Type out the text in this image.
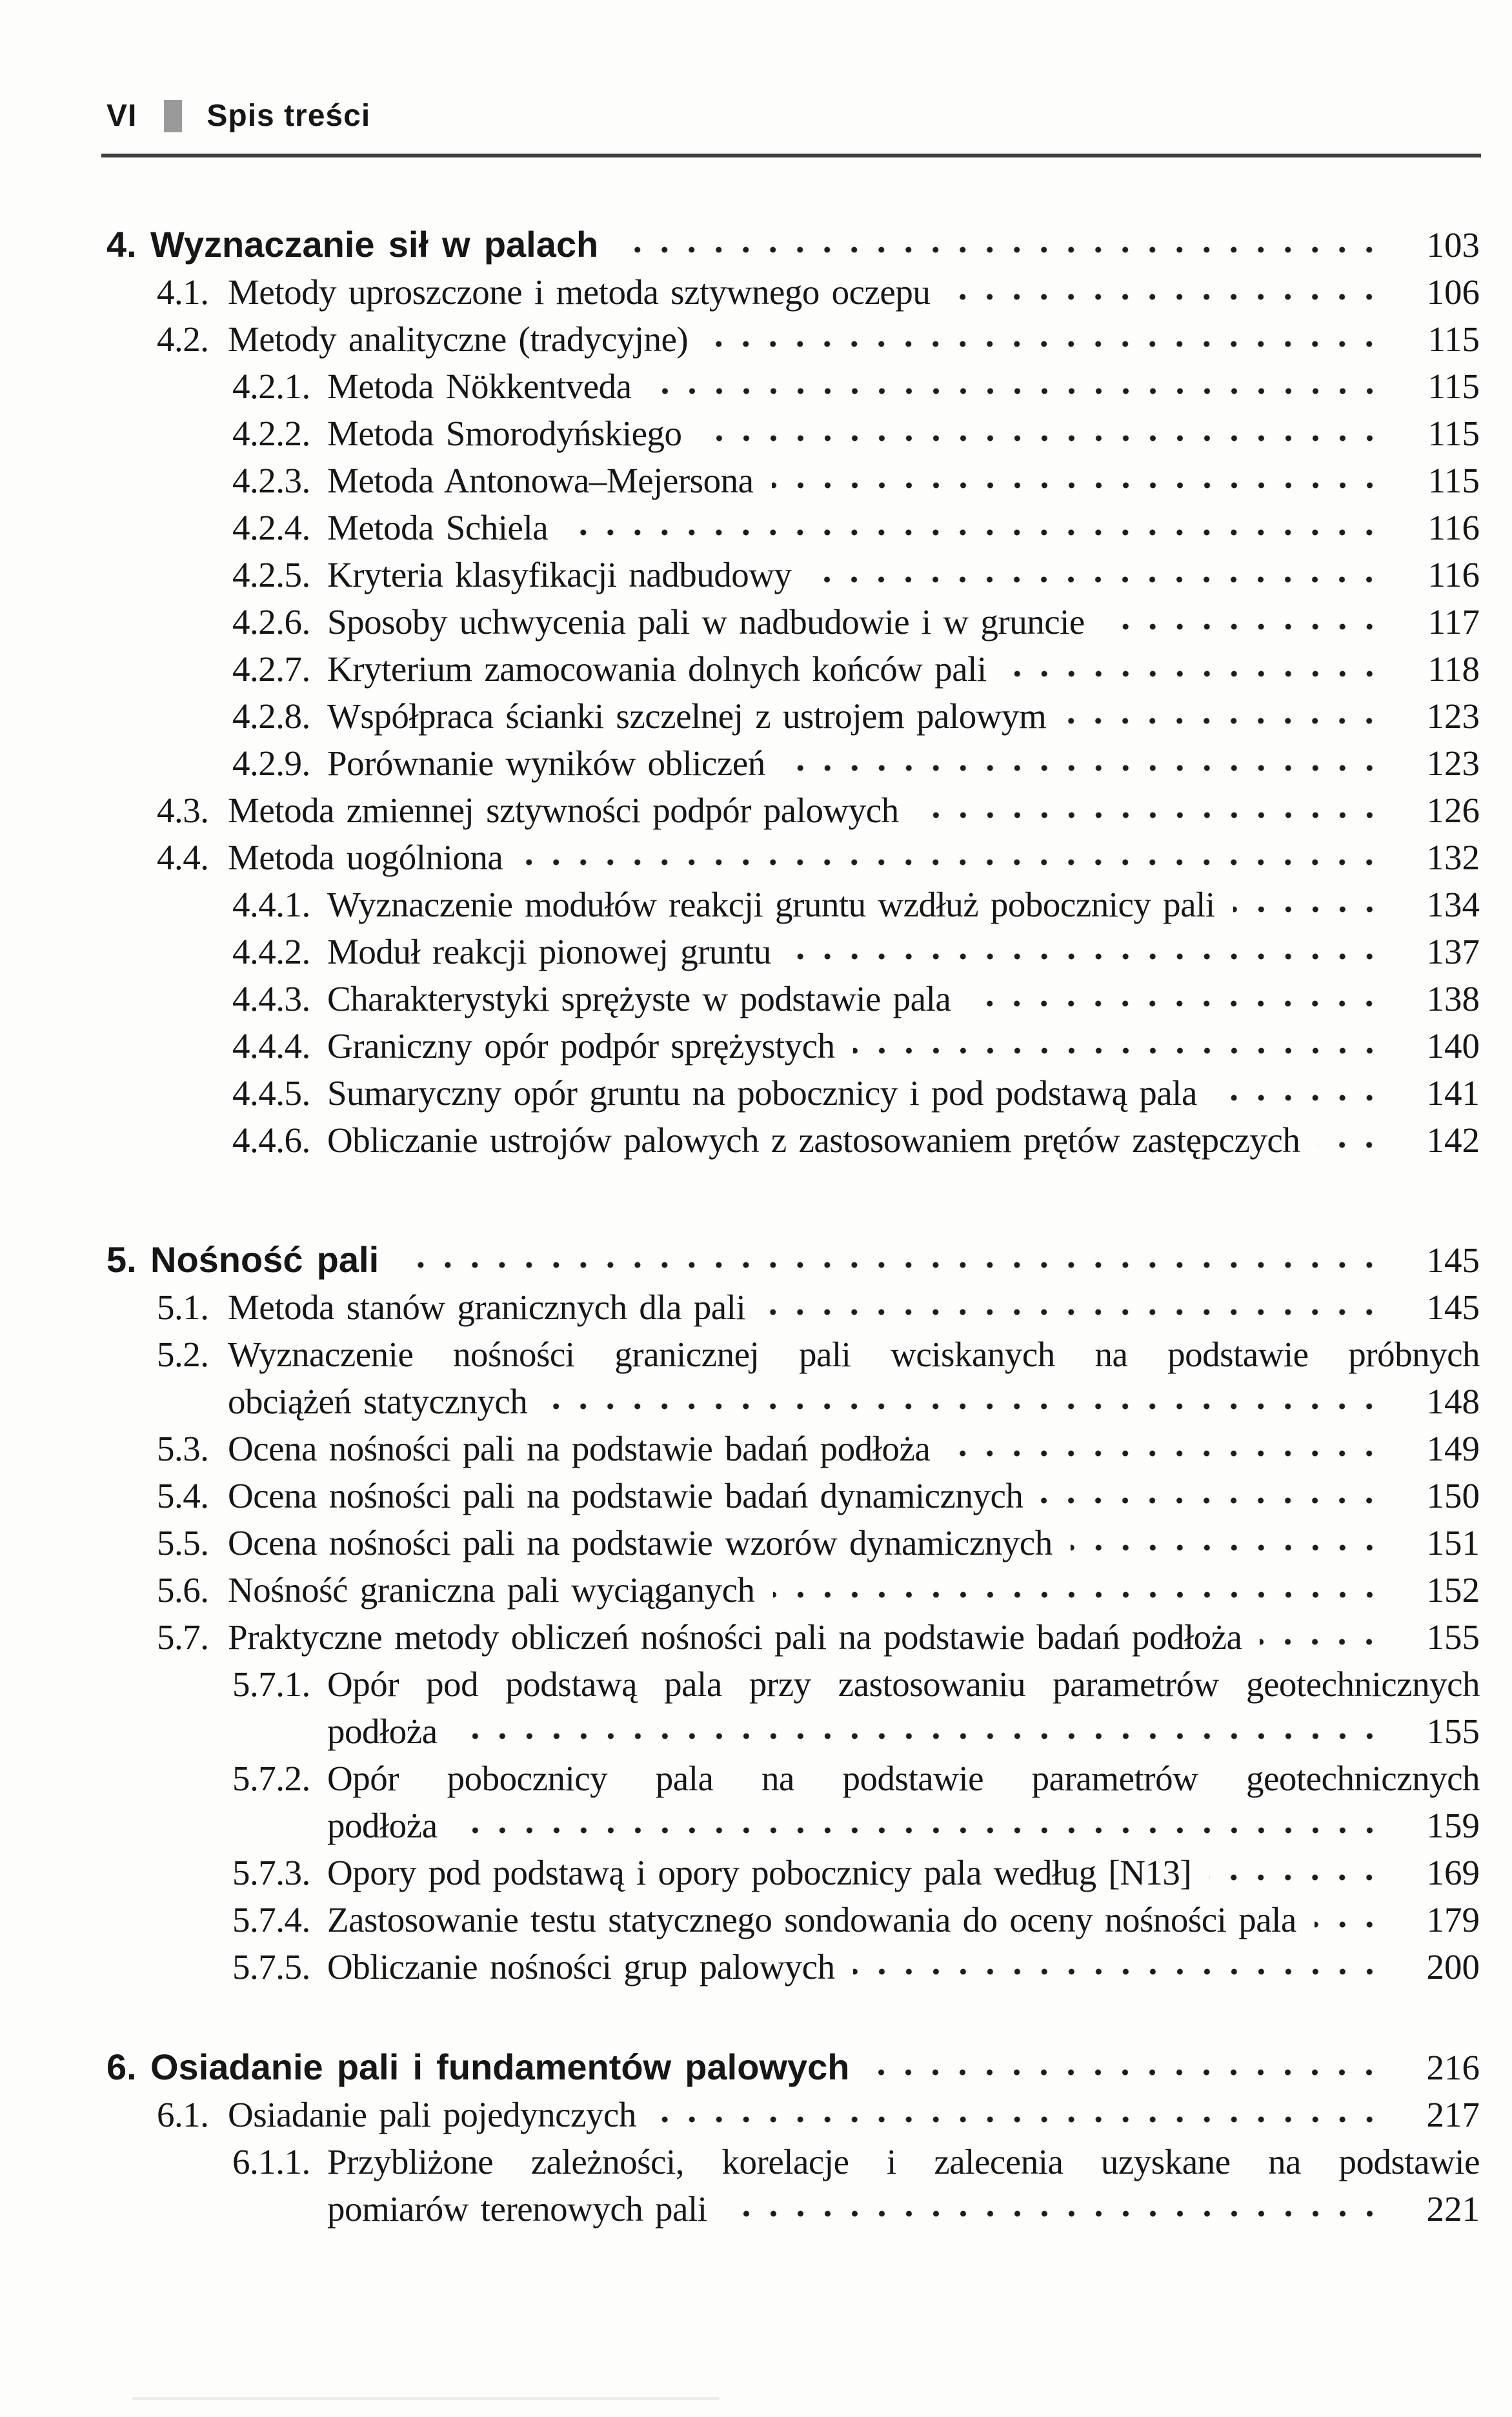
VI Spis treści
4. Wyznaczanie sił w palach	103
4.1. Metody uproszczone i metoda sztywnego oczepu	106
4.2. Metody analityczne (tradycyjne)	115
4.2.1. Metoda Nökkentveda	115
4.2.2. Metoda Smorodyńskiego	115
4.2.3. Metoda Antonowa–Mejersona	115
4.2.4. Metoda Schiela	116
4.2.5. Kryteria klasyfikacji nadbudowy	116
4.2.6. Sposoby uchwycenia pali w nadbudowie i w gruncie	117
4.2.7. Kryterium zamocowania dolnych końców pali	118
4.2.8. Współpraca ścianki szczelnej z ustrojem palowym	123
4.2.9. Porównanie wyników obliczeń	123
4.3. Metoda zmiennej sztywności podpór palowych	126
4.4. Metoda uogólniona	132
4.4.1. Wyznaczenie modułów reakcji gruntu wzdłuż pobocznicy pali	134
4.4.2. Moduł reakcji pionowej gruntu	137
4.4.3. Charakterystyki sprężyste w podstawie pala	138
4.4.4. Graniczny opór podpór sprężystych	140
4.4.5. Sumaryczny opór gruntu na pobocznicy i pod podstawą pala	141
4.4.6. Obliczanie ustrojów palowych z zastosowaniem prętów zastępczych	142
5. Nośność pali	145
5.1. Metoda stanów granicznych dla pali	145
5.2. Wyznaczenie nośności granicznej pali wciskanych na podstawie próbnych
obciążeń statycznych	148
5.3. Ocena nośności pali na podstawie badań podłoża	149
5.4. Ocena nośności pali na podstawie badań dynamicznych	150
5.5. Ocena nośności pali na podstawie wzorów dynamicznych	151
5.6. Nośność graniczna pali wyciąganych	152
5.7. Praktyczne metody obliczeń nośności pali na podstawie badań podłoża	155
5.7.1. Opór pod podstawą pala przy zastosowaniu parametrów geotechnicznych
podłoża	155
5.7.2. Opór pobocznicy pala na podstawie parametrów geotechnicznych
podłoża	159
5.7.3. Opory pod podstawą i opory pobocznicy pala według [N13]	169
5.7.4. Zastosowanie testu statycznego sondowania do oceny nośności pala	179
5.7.5. Obliczanie nośności grup palowych	200
6. Osiadanie pali i fundamentów palowych	216
6.1. Osiadanie pali pojedynczych	217
6.1.1. Przybliżone zależności, korelacje i zalecenia uzyskane na podstawie
pomiarów terenowych pali	221
